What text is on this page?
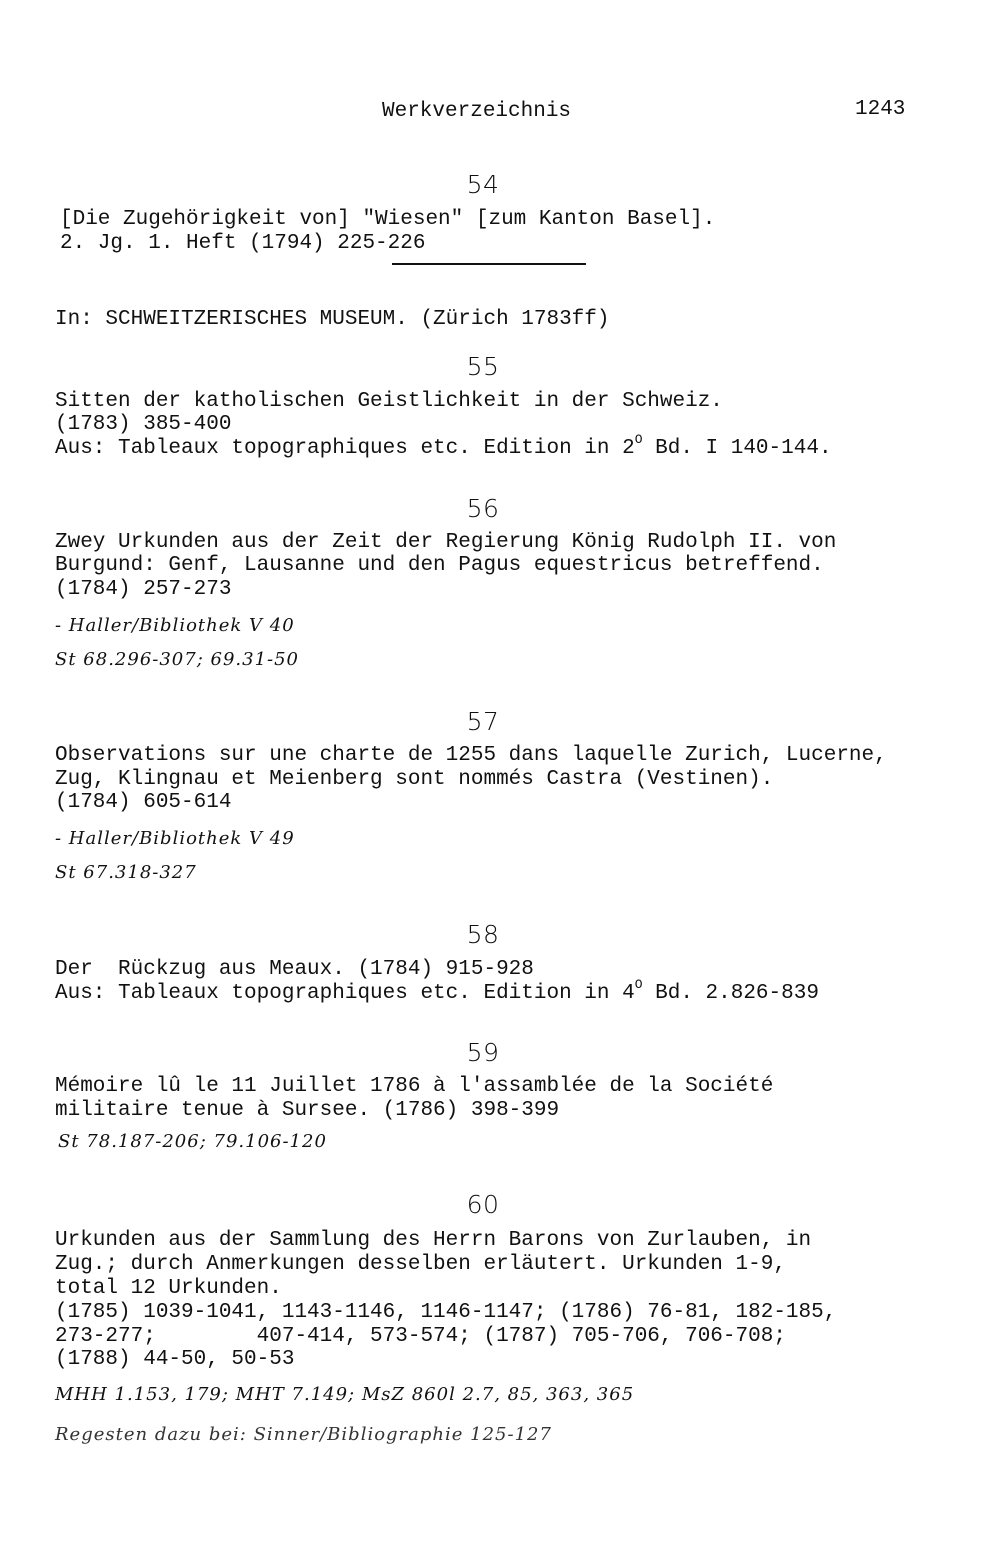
Werkverzeichnis	1243
54
[Die Zugehörigkeit von] "Wiesen" [zum Kanton Basel].
2. Jg. 1. Heft (1794) 225-226
In: SCHWEITZERISCHES MUSEUM. (Zürich 1783ff)
55
Sitten der katholischen Geistlichkeit in der Schweiz.
(1783) 385-400
Aus: Tableaux topographiques etc. Edition in $2^O$ Bd. I 140-144.
56
Zwey Urkunden aus der Zeit der Regierung König Rudolph II. von
Burgund: Genf, Lausanne und den Pagus equestricus betreffend.
(1784) 257-273
- Haller/Bibliothek V 40
St 68.296-307; 69.31-50
57
Observations sur une charte de 1255 dans laquelle Zurich, Lucerne,
Zug, Klingnau et Meienberg sont nommés Castra (Vestinen).
(1784) 605-614
- Haller/Bibliothek V 49
St 67.318-327
58
Der  Rückzug aus Meaux. (1784) 915-928
Aus: Tableaux topographiques etc. Edition in $4^O$ Bd. 2.826-839
59
Mémoire lû le 11 Juillet 1786 à l'assamblée de la Société
militaire tenue à Sursee. (1786) 398-399
St 78.187-206; 79.106-120
60
Urkunden aus der Sammlung des Herrn Barons von Zurlauben, in
Zug.; durch Anmerkungen desselben erläutert. Urkunden 1-9,
total 12 Urkunden.
(1785) 1039-1041, 1143-1146, 1146-1147; (1786) 76-81, 182-185,
273-277;        407-414, 573-574; (1787) 705-706, 706-708;
(1788) 44-50, 50-53
MHH 1.153, 179; MHT 7.149; MsZ 860l 2.7, 85, 363, 365
Regesten dazu bei: Sinner/Bibliographie 125-127
